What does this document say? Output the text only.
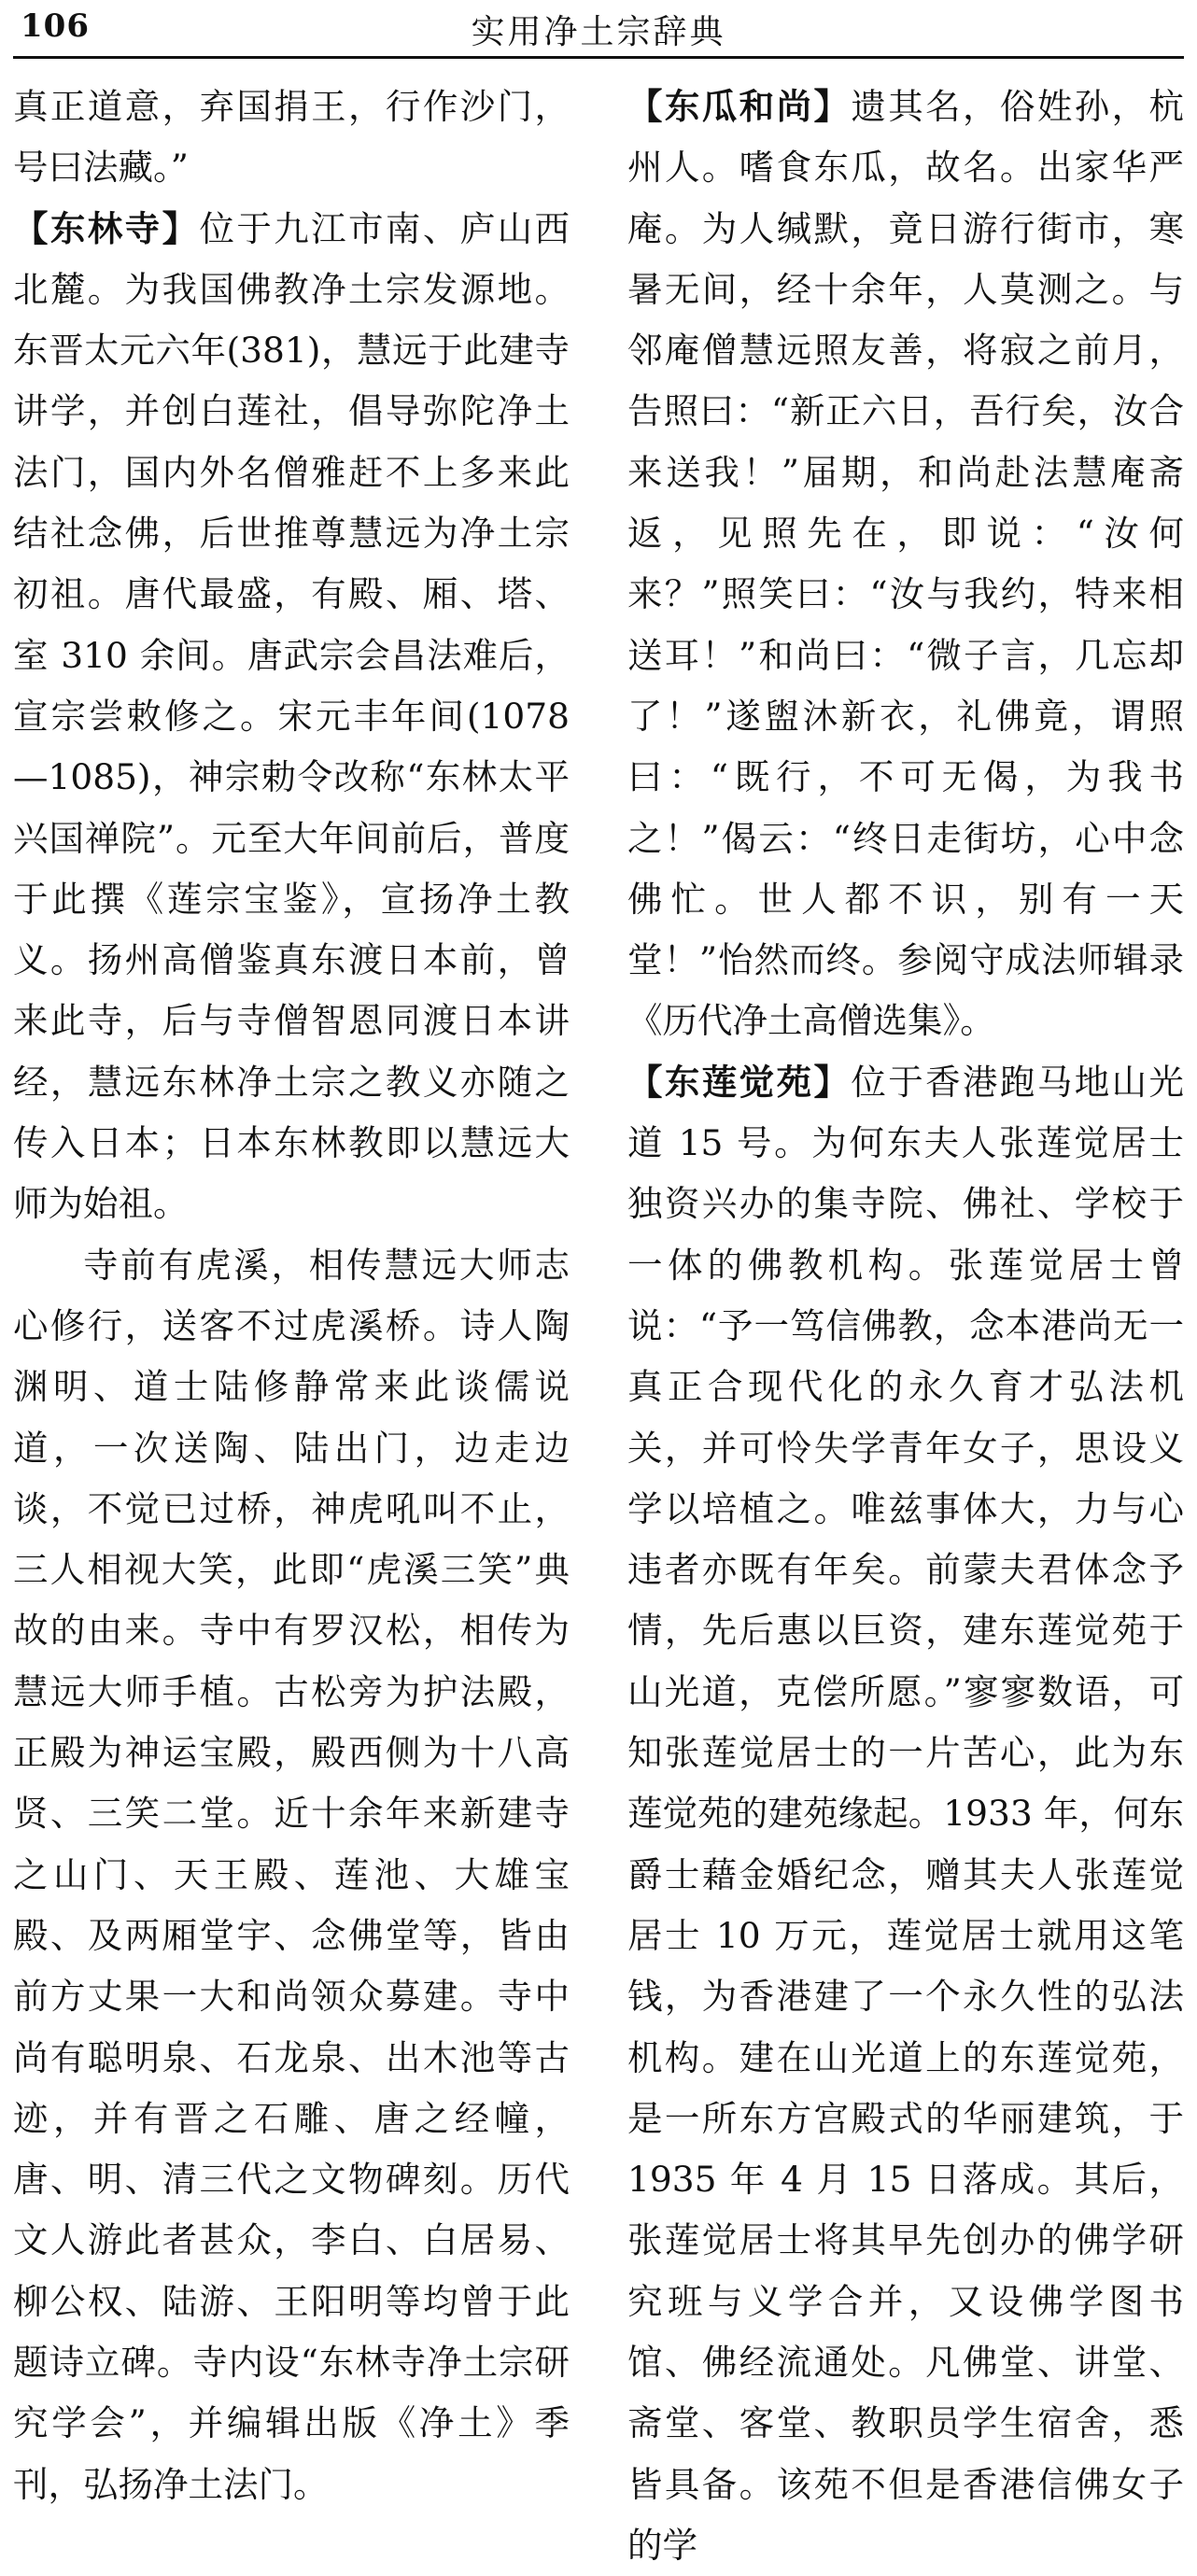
106	实用净土宗辞典

真正道意，弃国捐王，行作沙门，号曰法藏。”

【东林寺】位于九江市南、庐山西北麓。为我国佛教净土宗发源地。东晋太元六年(381)，慧远于此建寺讲学，并创白莲社，倡导弥陀净土法门，国内外名僧雅赶不上多来此结社念佛，后世推尊慧远为净土宗初祖。唐代最盛，有殿、厢、塔、室 310 余间。唐武宗会昌法难后，宣宗尝敕修之。宋元丰年间(1078—1085)，神宗勅令改称“东林太平兴国禅院”。元至大年间前后，普度于此撰《莲宗宝鉴》，宣扬净土教义。扬州高僧鉴真东渡日本前，曾来此寺，后与寺僧智恩同渡日本讲经，慧远东林净土宗之教义亦随之传入日本；日本东林教即以慧远大师为始祖。

寺前有虎溪，相传慧远大师志心修行，送客不过虎溪桥。诗人陶渊明、道士陆修静常来此谈儒说道，一次送陶、陆出门，边走边谈，不觉已过桥，神虎吼叫不止，三人相视大笑，此即“虎溪三笑”典故的由来。寺中有罗汉松，相传为慧远大师手植。古松旁为护法殿，正殿为神运宝殿，殿西侧为十八高贤、三笑二堂。近十余年来新建寺之山门、天王殿、莲池、大雄宝殿、及两厢堂宇、念佛堂等，皆由前方丈果一大和尚领众募建。寺中尚有聪明泉、石龙泉、出木池等古迹，并有晋之石雕、唐之经幢，唐、明、清三代之文物碑刻。历代文人游此者甚众，李白、白居易、柳公权、陆游、王阳明等均曾于此题诗立碑。寺内设“东林寺净土宗研究学会”，并编辑出版《净土》季刊，弘扬净土法门。

【东瓜和尚】遗其名，俗姓孙，杭州人。嗜食东瓜，故名。出家华严庵。为人缄默，竟日游行街市，寒暑无间，经十余年，人莫测之。与邻庵僧慧远照友善，将寂之前月，告照曰：“新正六日，吾行矣，汝合来送我！”届期，和尚赴法慧庵斋返，见照先在，即说：“汝何来？”照笑曰：“汝与我约，特来相送耳！”和尚曰：“微子言，几忘却了！”遂盥沐新衣，礼佛竟，谓照曰：“既行，不可无偈，为我书之！”偈云：“终日走街坊，心中念佛忙。世人都不识，别有一天堂！”怡然而终。参阅守成法师辑录《历代净土高僧选集》。

【东莲觉苑】位于香港跑马地山光道 15 号。为何东夫人张莲觉居士独资兴办的集寺院、佛社、学校于一体的佛教机构。张莲觉居士曾说：“予一笃信佛教，念本港尚无一真正合现代化的永久育才弘法机关，并可怜失学青年女子，思设义学以培植之。唯兹事体大，力与心违者亦既有年矣。前蒙夫君体念予情，先后惠以巨资，建东莲觉苑于山光道，克偿所愿。”寥寥数语，可知张莲觉居士的一片苦心，此为东莲觉苑的建苑缘起。1933 年，何东爵士藉金婚纪念，赠其夫人张莲觉居士 10 万元，莲觉居士就用这笔钱，为香港建了一个永久性的弘法机构。建在山光道上的东莲觉苑，是一所东方宫殿式的华丽建筑，于 1935 年 4 月 15 日落成。其后，张莲觉居士将其早先创办的佛学研究班与义学合并，又设佛学图书馆、佛经流通处。凡佛堂、讲堂、斋堂、客堂、教职员学生宿舍，悉皆具备。该苑不但是香港信佛女子的学
